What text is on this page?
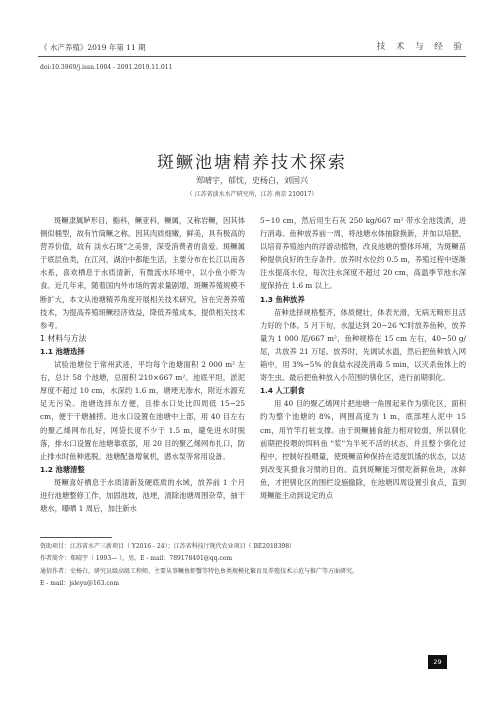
《 水产养殖》2019 年第 11 期	技 术 与 经 验
doi:10.3969/j.issn.1004 - 2091.2019.11.011
斑鳜池塘精养技术探索
郑晴宇，郁忱，史杨白，刘国兴
（ 江苏省淡水水产研究所，江苏 南京 210017）

斑鳜隶属鲈形目，鮨科，鳜亚科，鳜属，又称岩鳜，因其体侧似桶型，故有竹筒鳜之称。因其肉质细嫩，鲜美，具有极高的营养价值，故有 淡水石斑"之美誉，深受消费者的喜爱。斑鳜属于底层鱼类，在江河，湖泊中都能生活，主要分布在长江以南各水系，喜欢栖息于水质清新，有微流水环境中，以小鱼小虾为食。近几年来，随着国内外市场的需求量剧增，斑鳜养殖规模不断扩大，本文从池塘精养角度开展相关技术研究，旨在完善养殖技术，为提高养殖斑鳜经济效益，降低养殖成本，提供相关技术参考。

1 材料与方法

1.1 池塘选择

试验池塘位于常州武进，平均每个池塘面积 2 000 m² 左右，总计 58 个池塘，总面积 210×667 m²。池底平坦，淤泥厚度不超过 10 cm，水深约 1.6 m，塘埂无渗水，附近水源充足无污染。池塘选择东方便，且排水口处比四周低 15~25 cm，便于干塘捕捞。进水口设置在池塘中上部，用 40 目左右的聚乙烯网布扎好，网袋长度不少于 1.5 m，避免进水时脱落，排水口设置在池塘靠底部，用 20 目的聚乙烯网布扎口，防止排水时鱼种逃脱。池塘配备增氧机，潜水泵等常用设备。

1.2 池塘清整

斑鳜喜好栖息于水质清新及硬底质的水域，放养前 1 个月进行池塘整修工作，加固池坡，池埂，清除池塘周围杂草，抽干塘水，曝晒 1 周后，加注新水

5~10 cm，然后用生石灰 250 kg/667 m² 带水全池泼洒，进行消毒。鱼种放养前一周，将池塘水体抽除换新，并加以培肥，以培育养殖池内的浮游动植物，改良池塘的整体环境，为斑鳜苗种提供良好的生存条件。放养时水位约 0.5 m，养殖过程中逐渐注水提高水位，每次注水深度不超过 20 cm，高温季节池水深度保持在 1.6 m 以上。

1.3 鱼种放养

苗种选择规格整齐，体质健壮，体表光滑，无病无畸形且活力好的个体。5 月下旬，水温达到 20~26 ℃时放养鱼种，放养量为 1 000 尾/667 m²，鱼种规格在 15 cm 左右，40~50 g/尾，共放养 21 万尾。放养时，先调试水温，然后把鱼种放入网箱中，用 3%~5% 的食盐水浸洗消毒 5 min，以灭杀鱼体上的寄生虫。最后把鱼种放入小范围的驯化区，进行前期驯化。

1.4 人工驯食

用 40 目的聚乙烯网片把池塘一角围起来作为驯化区，面积约为整个池塘的 8%，网围高度为 1 m，底部埋入泥中 15 cm，用竹竿打桩支撑。由于斑鳜捕食能力相对较弱，所以驯化前期把投喂的饵料鱼 "浆"为半死不活的状态，并且整个驯化过程中，控制好投喂量，使斑鳜苗种保持在适度饥饿的状态，以达到改变其摄食习惯的目的。直到斑鳜能习惯吃新鲜鱼块，冰鲜鱼，才把驯化区的围栏设施撤除，在池塘四周设置引食点，直到斑鳜能主动到设定的点

资助项目：江苏省水产三新项目（ Y2016 - 24）；江苏省科技厅现代农业项目（ BE2018398）

作者简介：郑晴宇（ 1993— ），男，E - mail：789178491@qq.com

通信作者：史杨白，研究员级高级工程师，主要从事鳜鱼虾蟹等特色鱼类规模化繁育及养殖技术示范与推广等方面研究。

E - mail：jsleyu@163.com

29
